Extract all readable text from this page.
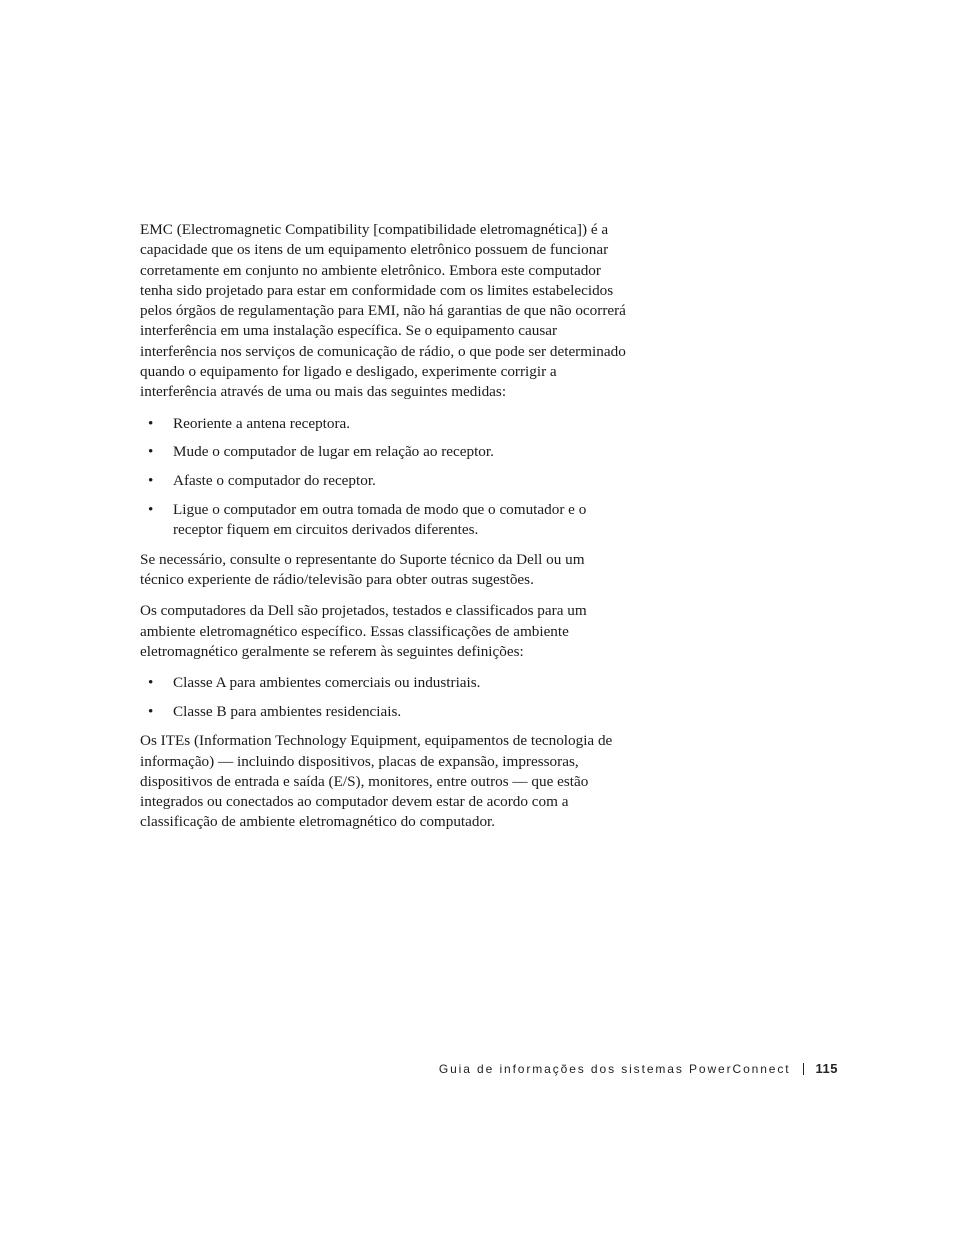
EMC (Electromagnetic Compatibility [compatibilidade eletromagnética]) é a capacidade que os itens de um equipamento eletrônico possuem de funcionar corretamente em conjunto no ambiente eletrônico. Embora este computador tenha sido projetado para estar em conformidade com os limites estabelecidos pelos órgãos de regulamentação para EMI, não há garantias de que não ocorrerá interferência em uma instalação específica. Se o equipamento causar interferência nos serviços de comunicação de rádio, o que pode ser determinado quando o equipamento for ligado e desligado, experimente corrigir a interferência através de uma ou mais das seguintes medidas:

• Reoriente a antena receptora.
• Mude o computador de lugar em relação ao receptor.
• Afaste o computador do receptor.
• Ligue o computador em outra tomada de modo que o comutador e o receptor fiquem em circuitos derivados diferentes.

Se necessário, consulte o representante do Suporte técnico da Dell ou um técnico experiente de rádio/televisão para obter outras sugestões.

Os computadores da Dell são projetados, testados e classificados para um ambiente eletromagnético específico. Essas classificações de ambiente eletromagnético geralmente se referem às seguintes definições:

• Classe A para ambientes comerciais ou industriais.
• Classe B para ambientes residenciais.

Os ITEs (Information Technology Equipment, equipamentos de tecnologia de informação) — incluindo dispositivos, placas de expansão, impressoras, dispositivos de entrada e saída (E/S), monitores, entre outros — que estão integrados ou conectados ao computador devem estar de acordo com a classificação de ambiente eletromagnético do computador.

Guia de informações dos sistemas PowerConnect 115
